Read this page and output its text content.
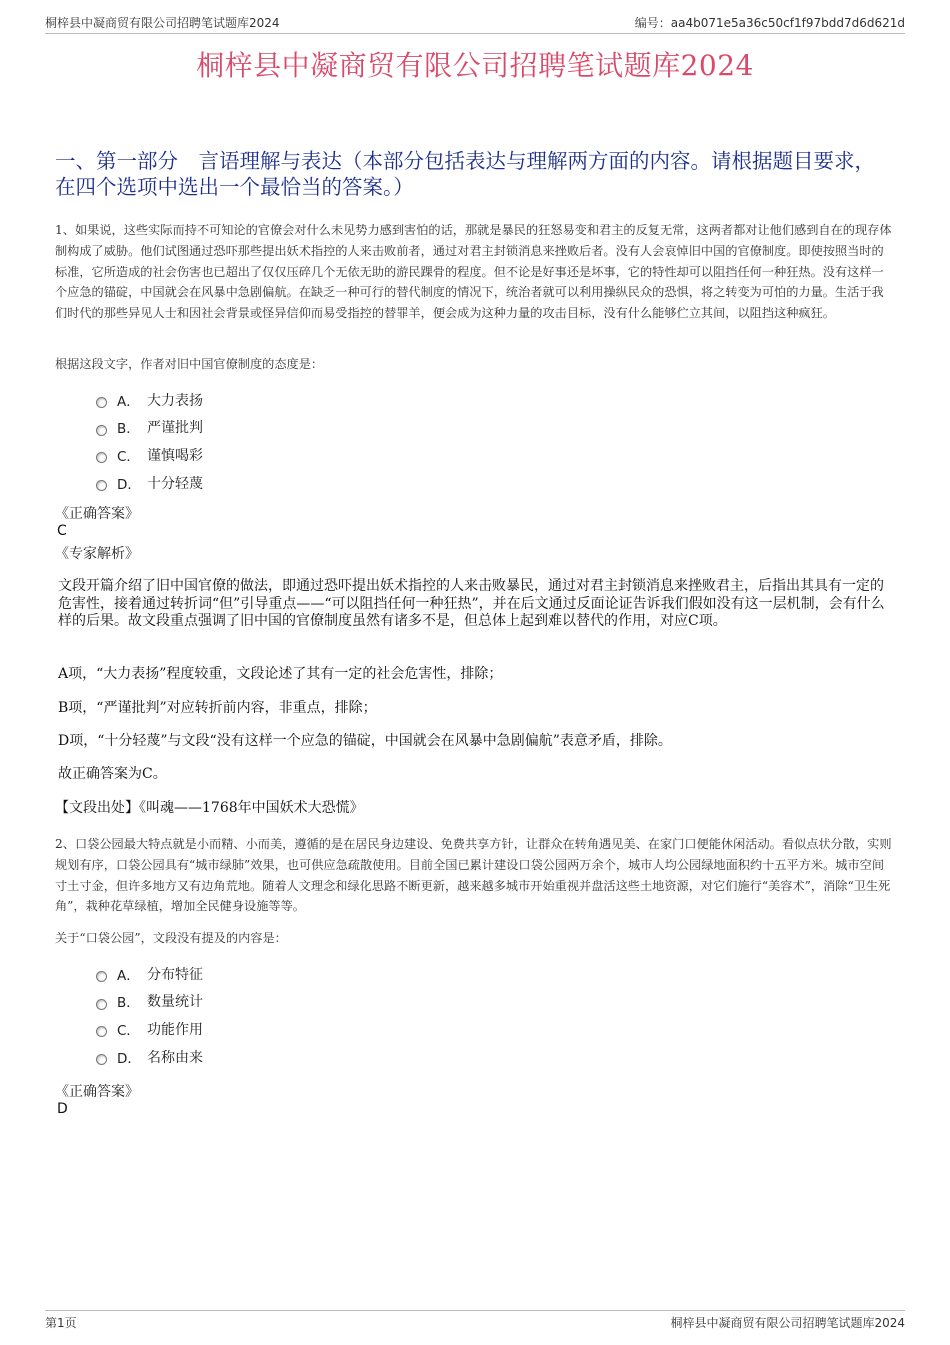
桐梓县中凝商贸有限公司招聘笔试题库2024	编号：aa4b071e5a36c50cf1f97bdd7d6d621d
桐梓县中凝商贸有限公司招聘笔试题库2024
一、第一部分　言语理解与表达（本部分包括表达与理解两方面的内容。请根据题目要求，在四个选项中选出一个最恰当的答案。）
1、如果说，这些实际而持不可知论的官僚会对什么未见势力感到害怕的话，那就是暴民的狂怒易变和君主的反复无常，这两者都对让他们感到自在的现存体制构成了威胁。他们试图通过恐吓那些提出妖术指控的人来击败前者，通过对君主封锁消息来挫败后者。没有人会哀悼旧中国的官僚制度。即使按照当时的标准，它所造成的社会伤害也已超出了仅仅压碎几个无依无助的游民踝骨的程度。但不论是好事还是坏事，它的特性却可以阻挡任何一种狂热。没有这样一个应急的锚碇，中国就会在风暴中急剧偏航。在缺乏一种可行的替代制度的情况下，统治者就可以利用操纵民众的恐惧，将之转变为可怕的力量。生活于我们时代的那些异见人士和因社会背景或怪异信仰而易受指控的替罪羊，便会成为这种力量的攻击目标，没有什么能够伫立其间，以阻挡这种疯狂。
根据这段文字，作者对旧中国官僚制度的态度是：
A． 大力表扬
B． 严谨批判
C． 谨慎喝彩
D． 十分轻蔑
《正确答案》
C
《专家解析》
文段开篇介绍了旧中国官僚的做法，即通过恐吓提出妖术指控的人来击败暴民，通过对君主封锁消息来挫败君主，后指出其具有一定的危害性，接着通过转折词“但”引导重点——“可以阻挡任何一种狂热”，并在后文通过反面论证告诉我们假如没有这一层机制，会有什么样的后果。故文段重点强调了旧中国的官僚制度虽然有诸多不是，但总体上起到难以替代的作用，对应C项。
A项，“大力表扬”程度较重，文段论述了其有一定的社会危害性，排除；
B项，“严谨批判”对应转折前内容，非重点，排除；
D项，“十分轻蔑”与文段“没有这样一个应急的锚碇，中国就会在风暴中急剧偏航”表意矛盾，排除。
故正确答案为C。
【文段出处】《叫魂——1768年中国妖术大恐慌》
2、口袋公园最大特点就是小而精、小而美，遵循的是在居民身边建设、免费共享方针，让群众在转角遇见美、在家门口便能休闲活动。看似点状分散，实则规划有序，口袋公园具有“城市绿肺”效果，也可供应急疏散使用。目前全国已累计建设口袋公园两万余个，城市人均公园绿地面积约十五平方米。城市空间寸土寸金，但许多地方又有边角荒地。随着人文理念和绿化思路不断更新，越来越多城市开始重视并盘活这些土地资源，对它们施行“美容术”，消除“卫生死角”，栽种花草绿植，增加全民健身设施等等。
关于“口袋公园”，文段没有提及的内容是：
A． 分布特征
B． 数量统计
C． 功能作用
D． 名称由来
《正确答案》
D
第1页	桐梓县中凝商贸有限公司招聘笔试题库2024
